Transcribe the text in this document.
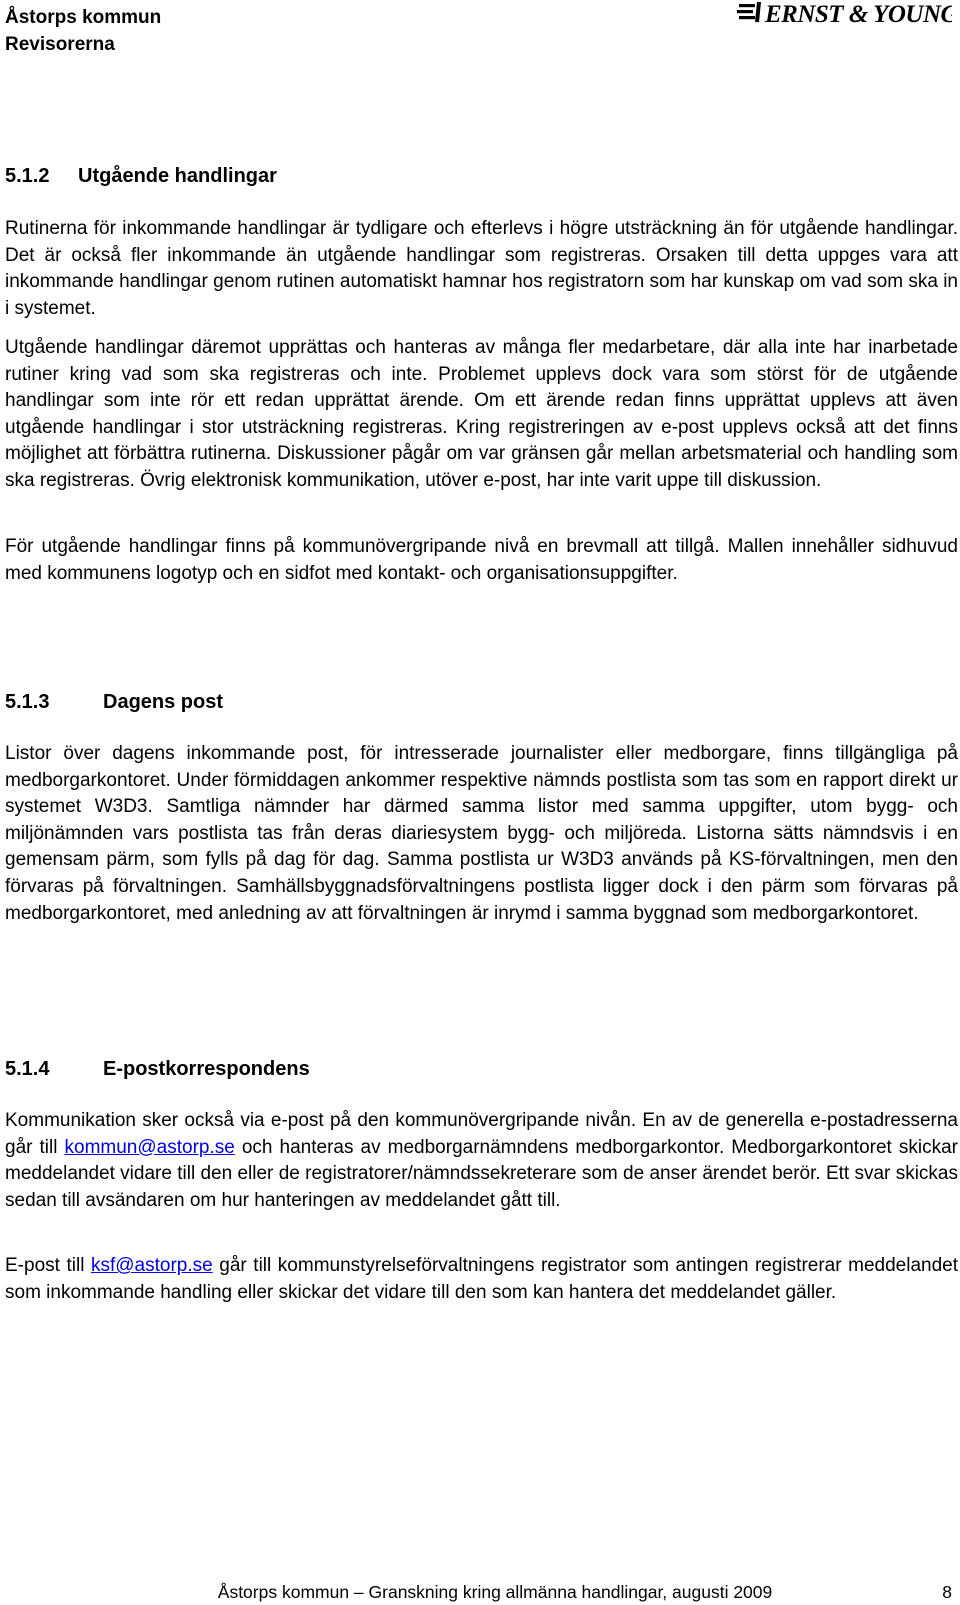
Åstorps kommun
Revisorerna
ERNST & YOUNG
5.1.2 Utgående handlingar

Rutinerna för inkommande handlingar är tydligare och efterlevs i högre utsträckning än för utgående handlingar. Det är också fler inkommande än utgående handlingar som registreras. Orsaken till detta uppges vara att inkommande handlingar genom rutinen automatiskt hamnar hos registratorn som har kunskap om vad som ska in i systemet.

Utgående handlingar däremot upprättas och hanteras av många fler medarbetare, där alla inte har inarbetade rutiner kring vad som ska registreras och inte. Problemet upplevs dock vara som störst för de utgående handlingar som inte rör ett redan upprättat ärende. Om ett ärende redan finns upprättat upplevs att även utgående handlingar i stor utsträckning registreras. Kring registreringen av e-post upplevs också att det finns möjlighet att förbättra rutinerna. Diskussioner pågår om var gränsen går mellan arbetsmaterial och handling som ska registreras. Övrig elektronisk kommunikation, utöver e-post, har inte varit uppe till diskussion.

För utgående handlingar finns på kommunövergripande nivå en brevmall att tillgå. Mallen innehåller sidhuvud med kommunens logotyp och en sidfot med kontakt- och organisationsuppgifter.

5.1.3	Dagens post

Listor över dagens inkommande post, för intresserade journalister eller medborgare, finns tillgängliga på medborgarkontoret. Under förmiddagen ankommer respektive nämnds postlista som tas som en rapport direkt ur systemet W3D3. Samtliga nämnder har därmed samma listor med samma uppgifter, utom bygg- och miljönämnden vars postlista tas från deras diariesystem bygg- och miljöreda. Listorna sätts nämndsvis i en gemensam pärm, som fylls på dag för dag. Samma postlista ur W3D3 används på KS-förvaltningen, men den förvaras på förvaltningen. Samhällsbyggnadsförvaltningens postlista ligger dock i den pärm som förvaras på medborgarkontoret, med anledning av att förvaltningen är inrymd i samma byggnad som medborgarkontoret.

5.1.4	E-postkorrespondens

Kommunikation sker också via e-post på den kommunövergripande nivån. En av de generella e-postadresserna går till kommun@astorp.se och hanteras av medborgarnämndens medborgarkontor. Medborgarkontoret skickar meddelandet vidare till den eller de registratorer/nämndssekreterare som de anser ärendet berör. Ett svar skickas sedan till avsändaren om hur hanteringen av meddelandet gått till.

E-post till ksf@astorp.se går till kommunstyrelseförvaltningens registrator som antingen registrerar meddelandet som inkommande handling eller skickar det vidare till den som kan hantera det meddelandet gäller.

Åstorps kommun – Granskning kring allmänna handlingar, augusti 2009	8
